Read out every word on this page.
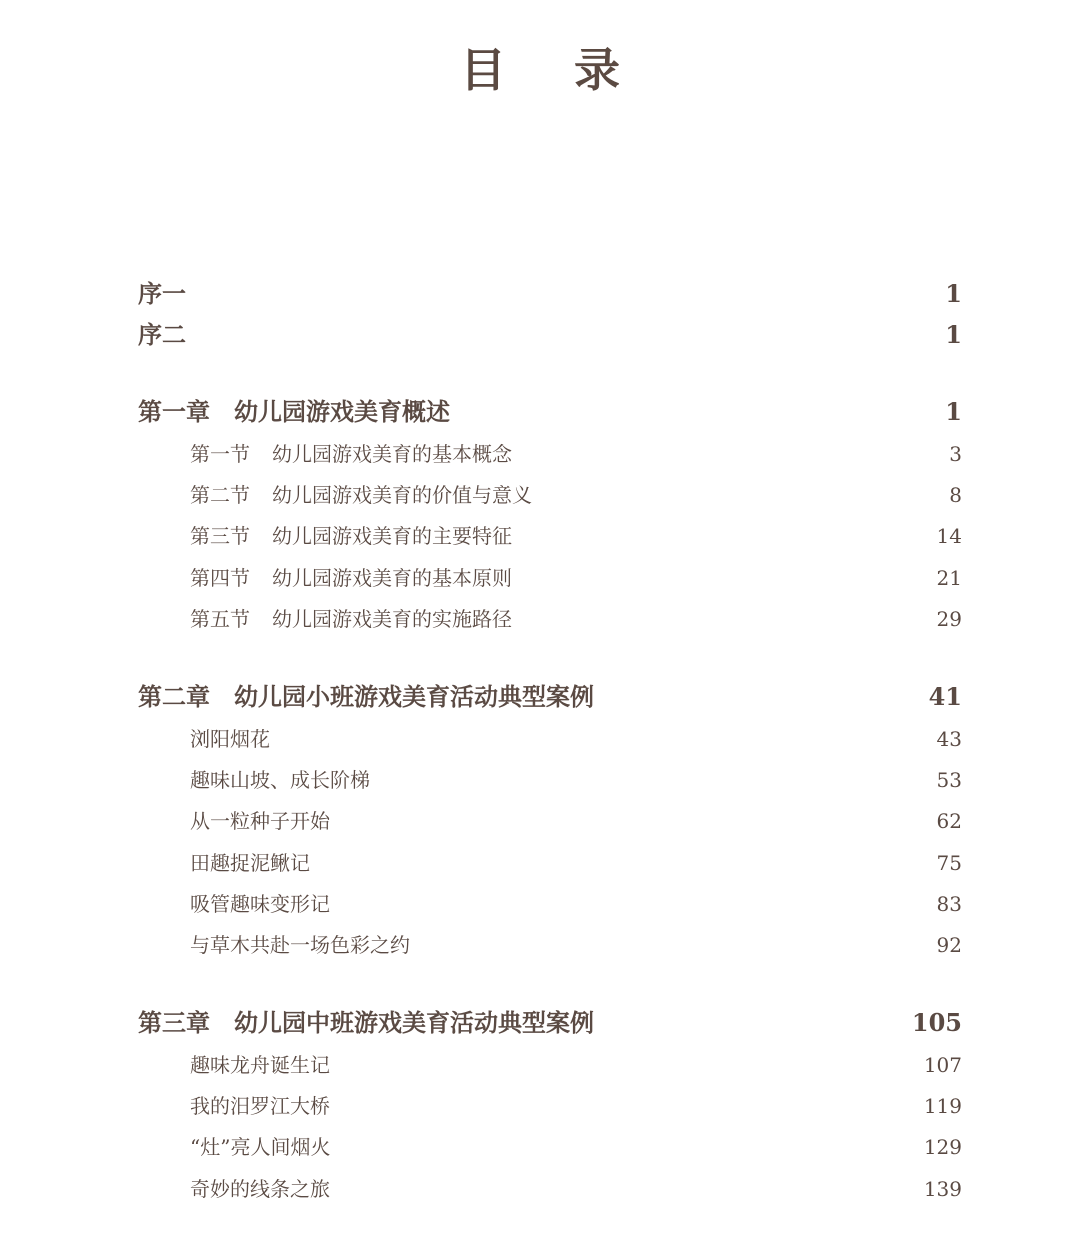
目 录
序一	1
序二	1
第一章 幼儿园游戏美育概述	1
第一节 幼儿园游戏美育的基本概念	3
第二节 幼儿园游戏美育的价值与意义	8
第三节 幼儿园游戏美育的主要特征	14
第四节 幼儿园游戏美育的基本原则	21
第五节 幼儿园游戏美育的实施路径	29
第二章 幼儿园小班游戏美育活动典型案例	41
浏阳烟花	43
趣味山坡、成长阶梯	53
从一粒种子开始	62
田趣捉泥鳅记	75
吸管趣味变形记	83
与草木共赴一场色彩之约	92
第三章 幼儿园中班游戏美育活动典型案例	105
趣味龙舟诞生记	107
我的汨罗江大桥	119
“灶”亮人间烟火	129
奇妙的线条之旅	139
